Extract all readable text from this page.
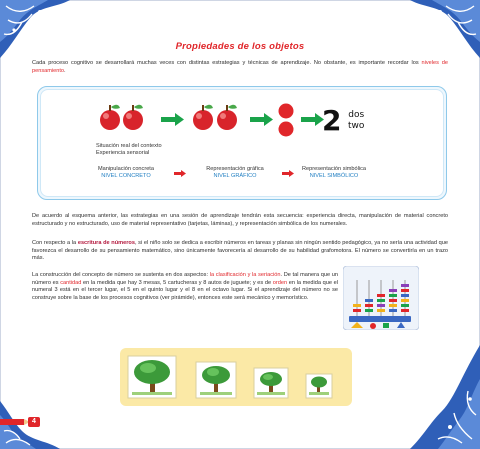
Propiedades de los objetos

Cada proceso cognitivo se desarrollará muchas veces con distintas estrategias y técnicas de aprendizaje. No obstante, es importante recordar los niveles de pensamiento.

2 dos
two
Situación real del contexto
Experiencia sensorial
Manipulación concreta
NIVEL CONCRETO
Representación gráfica
NIVEL GRÁFICO
Representación simbólica
NIVEL SIMBÓLICO

De acuerdo al esquema anterior, las estrategias en una sesión de aprendizaje tendrán esta secuencia: experiencia directa, manipulación de material concreto estructurado y no estructurado, uso de material representativo (tarjetas, láminas), y representación simbólica de los numerales.

Con respecto a la escritura de números, si el niño solo se dedica a escribir números en tareas y planas sin ningún sentido pedagógico, ya no sería una actividad que favorezca el desarrollo de su pensamiento matemático, sino únicamente favorecería al desarrollo de su habilidad grafomotora. El número se convertiría en un trazo más.

La construcción del concepto de número se sustenta en dos aspectos: la clasificación y la seriación. De tal manera que un número es cantidad en la medida que hay 3 mesas, 5 cartucheras y 8 autos de juguete; y es de orden en la medida que el numeral 3 está en el tercer lugar, el 5 en el quinto lugar y el 8 en el octavo lugar. Si el aprendizaje del número no se construye sobre la base de los procesos cognitivos (ver pirámide), entonces este será mecánico y memorístico.

4
